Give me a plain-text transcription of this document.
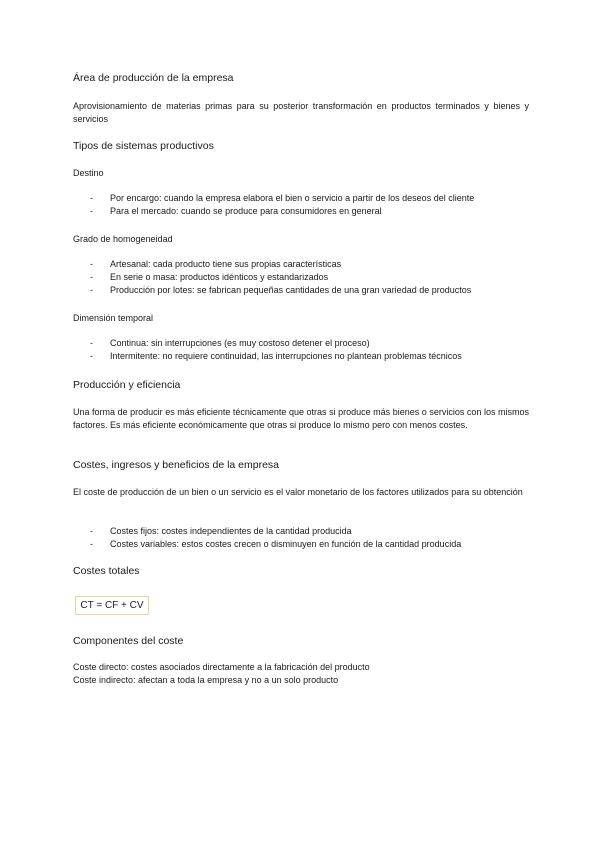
Área de producción de la empresa
Aprovisionamiento de materias primas para su posterior transformación en productos terminados y bienes y servicios
Tipos de sistemas productivos
Destino
- Por encargo: cuando la empresa elabora el bien o servicio a partir de los deseos del cliente
- Para el mercado: cuando se produce para consumidores en general
Grado de homogeneidad
- Artesanal: cada producto tiene sus propias características
- En serie o masa: productos idénticos y estandarizados
- Producción por lotes: se fabrican pequeñas cantidades de una gran variedad de productos
Dimensión temporal
- Continua: sin interrupciones (es muy costoso detener el proceso)
- Intermitente: no requiere continuidad, las interrupciones no plantean problemas técnicos
Producción y eficiencia
Una forma de producir es más eficiente técnicamente que otras si produce más bienes o servicios con los mismos factores. Es más eficiente económicamente que otras si produce lo mismo pero con menos costes.
Costes, ingresos y beneficios de la empresa
El coste de producción de un bien o un servicio es el valor monetario de los factores utilizados para su obtención
- Costes fijos: costes independientes de la cantidad producida
- Costes variables: estos costes crecen o disminuyen en función de la cantidad producida
Costes totales
CT = CF + CV
Componentes del coste
Coste directo: costes asociados directamente a la fabricación del producto
Coste indirecto: afectan a toda la empresa y no a un solo producto
